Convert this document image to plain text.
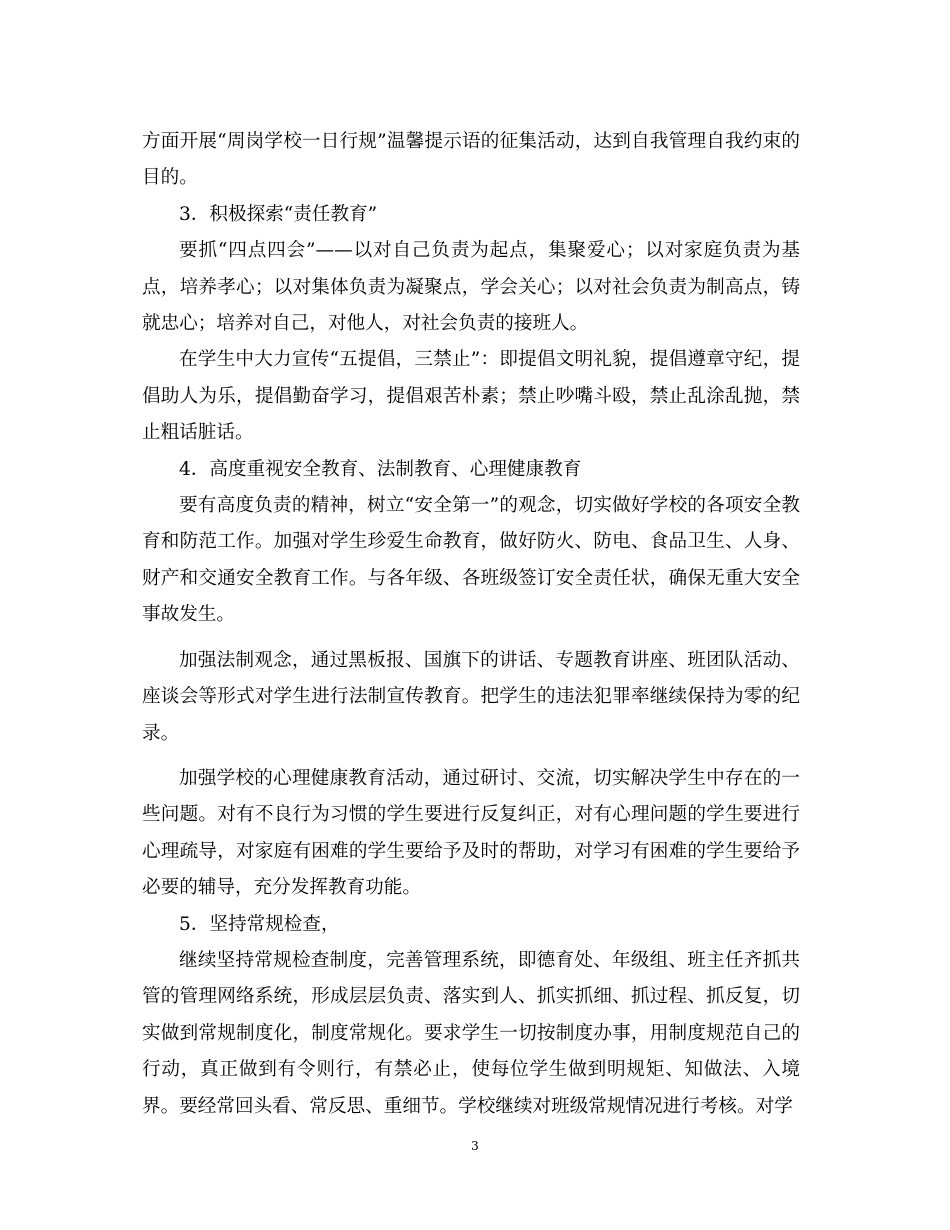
方面开展“周岗学校一日行规”温馨提示语的征集活动，达到自我管理自我约束的目的。

3．积极探索“责任教育”

要抓“四点四会”——以对自己负责为起点，集聚爱心；以对家庭负责为基点，培养孝心；以对集体负责为凝聚点，学会关心；以对社会负责为制高点，铸就忠心；培养对自己，对他人，对社会负责的接班人。

在学生中大力宣传“五提倡，三禁止”：即提倡文明礼貌，提倡遵章守纪，提倡助人为乐，提倡勤奋学习，提倡艰苦朴素；禁止吵嘴斗殴，禁止乱涂乱抛，禁止粗话脏话。

4．高度重视安全教育、法制教育、心理健康教育

要有高度负责的精神，树立“安全第一”的观念，切实做好学校的各项安全教育和防范工作。加强对学生珍爱生命教育，做好防火、防电、食品卫生、人身、财产和交通安全教育工作。与各年级、各班级签订安全责任状，确保无重大安全事故发生。

加强法制观念，通过黑板报、国旗下的讲话、专题教育讲座、班团队活动、座谈会等形式对学生进行法制宣传教育。把学生的违法犯罪率继续保持为零的纪录。

加强学校的心理健康教育活动，通过研讨、交流，切实解决学生中存在的一些问题。对有不良行为习惯的学生要进行反复纠正，对有心理问题的学生要进行心理疏导，对家庭有困难的学生要给予及时的帮助，对学习有困难的学生要给予必要的辅导，充分发挥教育功能。

5．坚持常规检查，

继续坚持常规检查制度，完善管理系统，即德育处、年级组、班主任齐抓共管的管理网络系统，形成层层负责、落实到人、抓实抓细、抓过程、抓反复，切实做到常规制度化，制度常规化。要求学生一切按制度办事，用制度规范自己的行动，真正做到有令则行，有禁必止，使每位学生做到明规矩、知做法、入境界。要经常回头看、常反思、重细节。学校继续对班级常规情况进行考核。对学

3
